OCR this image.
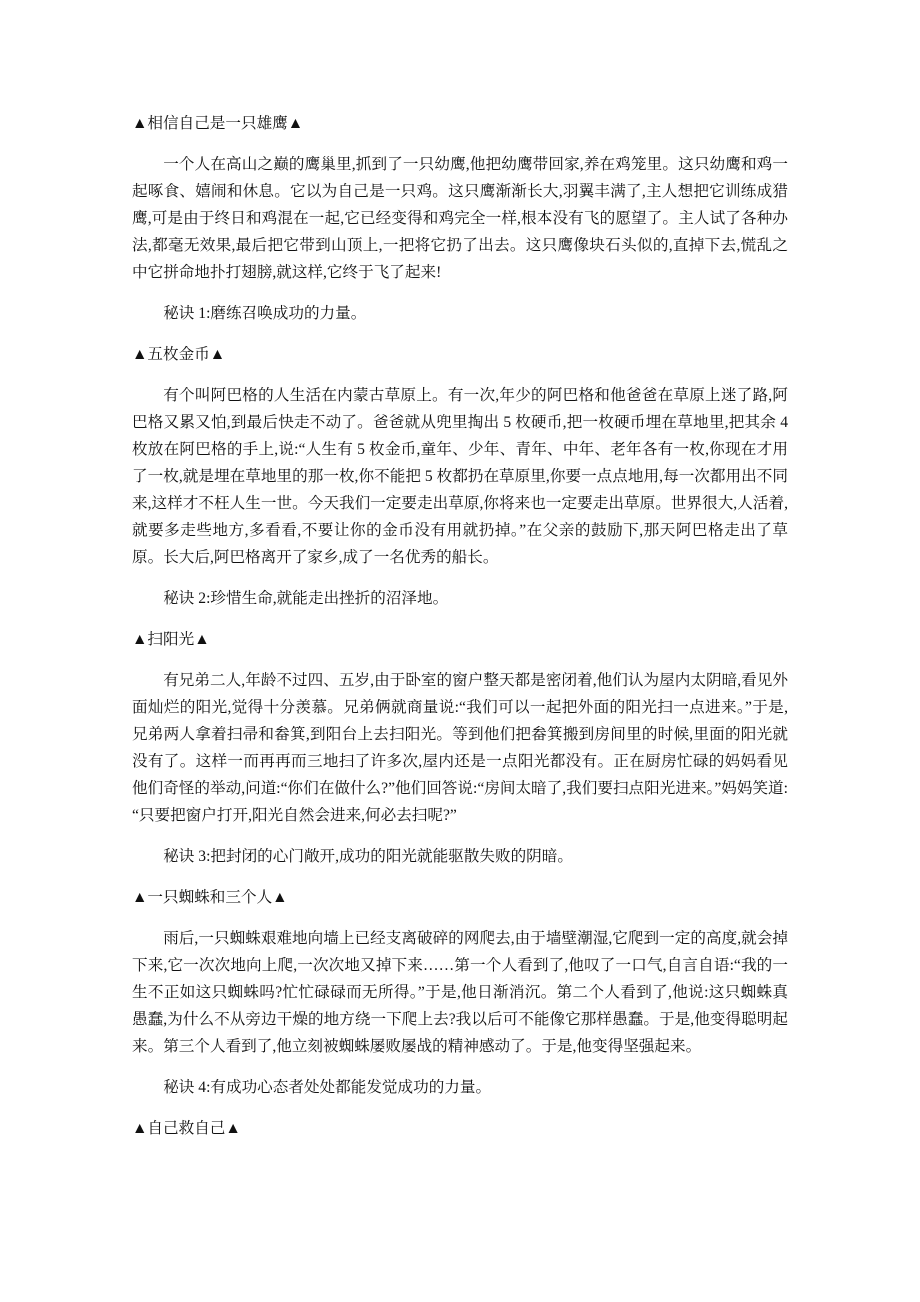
▲相信自己是一只雄鹰▲

一个人在高山之巅的鹰巢里,抓到了一只幼鹰,他把幼鹰带回家,养在鸡笼里。这只幼鹰和鸡一起啄食、嬉闹和休息。它以为自己是一只鸡。这只鹰渐渐长大,羽翼丰满了,主人想把它训练成猎鹰,可是由于终日和鸡混在一起,它已经变得和鸡完全一样,根本没有飞的愿望了。主人试了各种办法,都毫无效果,最后把它带到山顶上,一把将它扔了出去。这只鹰像块石头似的,直掉下去,慌乱之中它拼命地扑打翅膀,就这样,它终于飞了起来!

秘诀 1:磨练召唤成功的力量。

▲五枚金币▲

有个叫阿巴格的人生活在内蒙古草原上。有一次,年少的阿巴格和他爸爸在草原上迷了路,阿巴格又累又怕,到最后快走不动了。爸爸就从兜里掏出 5 枚硬币,把一枚硬币埋在草地里,把其余 4 枚放在阿巴格的手上,说:“人生有 5 枚金币,童年、少年、青年、中年、老年各有一枚,你现在才用了一枚,就是埋在草地里的那一枚,你不能把 5 枚都扔在草原里,你要一点点地用,每一次都用出不同来,这样才不枉人生一世。今天我们一定要走出草原,你将来也一定要走出草原。世界很大,人活着,就要多走些地方,多看看,不要让你的金币没有用就扔掉。”在父亲的鼓励下,那天阿巴格走出了草原。长大后,阿巴格离开了家乡,成了一名优秀的船长。

秘诀 2:珍惜生命,就能走出挫折的沼泽地。

▲扫阳光▲

有兄弟二人,年龄不过四、五岁,由于卧室的窗户整天都是密闭着,他们认为屋内太阴暗,看见外面灿烂的阳光,觉得十分羡慕。兄弟俩就商量说:“我们可以一起把外面的阳光扫一点进来。”于是,兄弟两人拿着扫帚和畚箕,到阳台上去扫阳光。等到他们把畚箕搬到房间里的时候,里面的阳光就没有了。这样一而再再而三地扫了许多次,屋内还是一点阳光都没有。正在厨房忙碌的妈妈看见他们奇怪的举动,问道:“你们在做什么?”他们回答说:“房间太暗了,我们要扫点阳光进来。”妈妈笑道:“只要把窗户打开,阳光自然会进来,何必去扫呢?”

秘诀 3:把封闭的心门敞开,成功的阳光就能驱散失败的阴暗。

▲一只蜘蛛和三个人▲

雨后,一只蜘蛛艰难地向墙上已经支离破碎的网爬去,由于墙壁潮湿,它爬到一定的高度,就会掉下来,它一次次地向上爬,一次次地又掉下来……第一个人看到了,他叹了一口气,自言自语:“我的一生不正如这只蜘蛛吗?忙忙碌碌而无所得。”于是,他日渐消沉。第二个人看到了,他说:这只蜘蛛真愚蠢,为什么不从旁边干燥的地方绕一下爬上去?我以后可不能像它那样愚蠢。于是,他变得聪明起来。第三个人看到了,他立刻被蜘蛛屡败屡战的精神感动了。于是,他变得坚强起来。

秘诀 4:有成功心态者处处都能发觉成功的力量。

▲自己救自己▲
